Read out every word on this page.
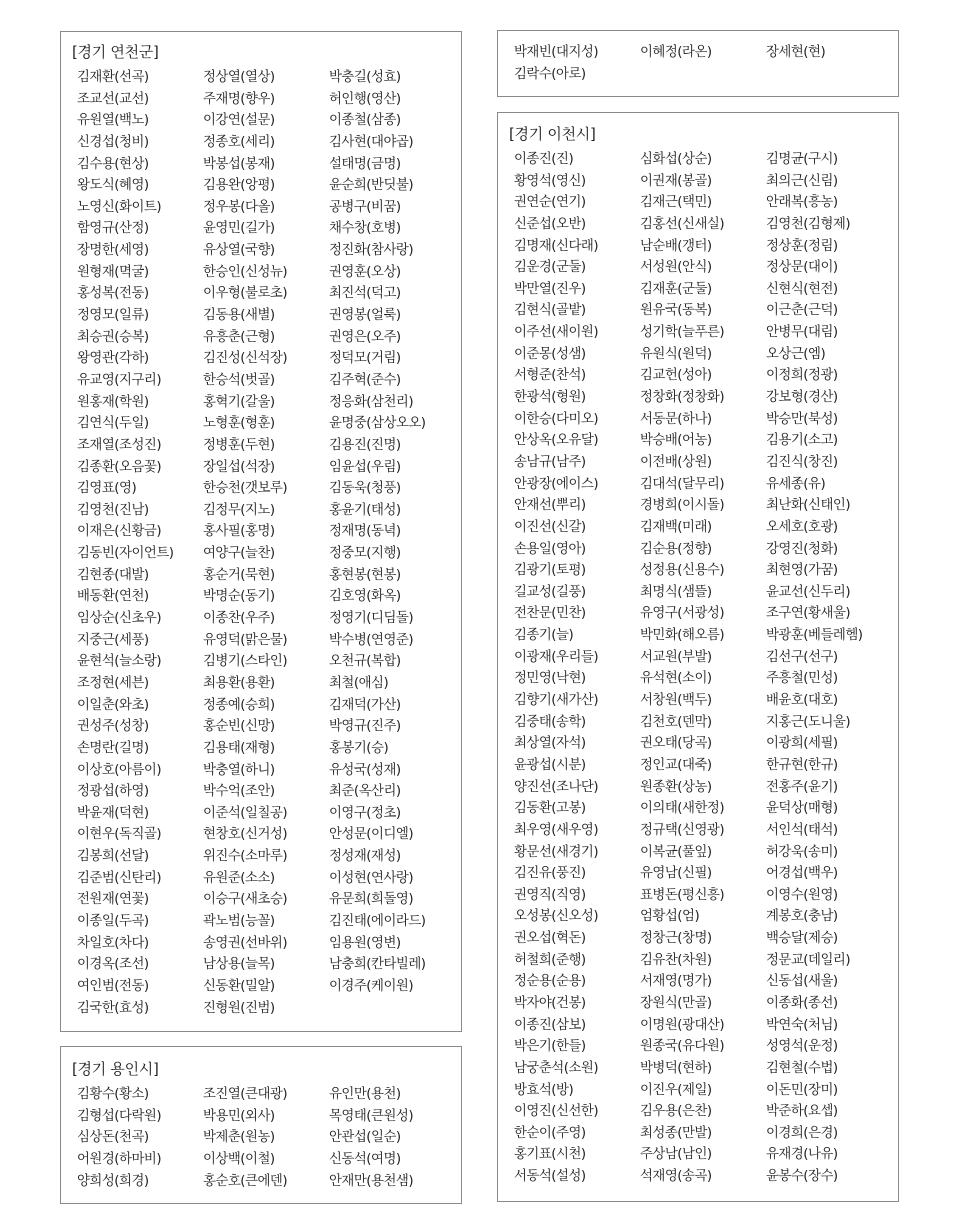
[경기 연천군]
김재환(선곡)	정상열(열상)	박충길(성효)
조교선(교선)	주재명(향우)	허인행(영산)
유원열(백노)	이강연(설문)	이종철(삼종)
신경섭(청비)	정종호(세리)	김사현(대야곱)
김수용(현상)	박봉섭(봉재)	설태명(금명)
왕도식(혜영)	김용완(앙평)	윤순희(반딧불)
노영신(화이트)	정우봉(다올)	공병구(비꿈)
함영규(산정)	윤영민(길가)	채수창(호병)
장명한(세영)	유상열(국향)	정진화(참사랑)
원형재(멱굴)	한승인(신성뉴)	권영훈(오상)
홍성복(전동)	이우형(불로초)	최진석(덕고)
정영모(일류)	김동용(새별)	권영봉(얼룩)
최승권(승복)	유흥춘(근형)	권영은(오주)
왕영관(각하)	김진성(신석장)	정덕모(거림)
유교영(지구리)	한승석(벗골)	김주혁(준수)
원홍재(학원)	홍혁기(갈울)	정응화(삼천리)
김연식(두일)	노형훈(형훈)	윤명중(삼상오오)
조재열(조성진)	정병훈(두현)	김용진(진명)
김종환(오음꽃)	장일섭(석장)	임윤섭(우림)
김영표(영)	한승천(갯보루)	김동욱(청풍)
김영천(진남)	김정무(지노)	홍윤기(태성)
이재은(신황금)	홍사필(홍명)	정재명(동녁)
김동빈(자이언트)	여양구(늘찬)	정중모(지행)
김현종(대발)	홍순거(묵현)	홍현봉(현봉)
배동환(연천)	박명순(동기)	김호영(화옥)
임상순(신초우)	이종찬(우주)	정영기(디딤돌)
지중근(세풍)	유영덕(맑은물)	박수병(연영준)
윤현석(늘소랑)	김병기(스타인)	오천규(복합)
조정현(세븐)	최용환(용환)	최철(애심)
이일춘(와초)	정종예(승희)	김재덕(가산)
권성주(성창)	홍순빈(신망)	박영규(진주)
손명란(길명)	김용태(재형)	홍봉기(승)
이상호(아름이)	박충열(하니)	유성국(성재)
정광섭(하영)	박수억(조안)	최준(옥산리)
박윤재(덕현)	이준석(일칠공)	이영구(정초)
이현우(독직골)	현창호(신거성)	안성문(이디엘)
김봉희(선달)	위진수(소마루)	정성재(재성)
김준범(신탄리)	유원준(소소)	이성현(연사랑)
전원재(연꽃)	이승구(새초승)	유문희(희돌영)
이종일(두곡)	곽노범(능꼴)	김진태(에이라드)
차일호(차다)	송영권(선바위)	임용원(영변)
이경옥(조선)	남상용(늘목)	남충희(칸타빌레)
여인범(전동)	신동환(밀알)	이경주(케이원)
김국한(효성)	진형원(진범)
[경기 용인시]
김황수(황소)	조진열(큰대광)	유인만(용천)
김형섭(다락원)	박용민(외사)	목영태(큰원성)
심상돈(천곡)	박제춘(원농)	안관섭(일순)
어원경(하마비)	이상백(이철)	신동석(여명)
양희성(희경)	홍순호(큰에덴)	안재만(용천샘)
박재빈(대지성)	이혜정(라온)	장세현(현)
김락수(아로)
[경기 이천시]
이종진(진)	심화섭(상순)	김명균(구시)
황영석(영신)	이권재(봉골)	최의근(신림)
권연순(연기)	김재근(택민)	안래복(흥농)
신준섭(오반)	김홍선(신새실)	김영천(김형제)
김명재(신다래)	남순배(갱터)	정상훈(정림)
김운경(군둘)	서성원(안식)	정상문(대이)
박만열(진우)	김재훈(군둘)	신현식(현전)
김현식(골밭)	원유국(동복)	이근춘(근덕)
이주선(새이원)	성기학(늘푸른)	안병무(대림)
이준몽(성샘)	유원식(원덕)	오상근(엠)
서형준(찬석)	김교헌(성아)	이정희(정광)
한광석(형원)	정창화(정창화)	강보형(경산)
이한승(다미오)	서동문(하나)	박승만(북성)
안상옥(오유달)	박승배(어농)	김용기(소고)
송남규(남주)	이전배(상원)	김진식(창진)
안광장(에이스)	김대석(달무리)	유세종(유)
안재선(뿌리)	경병희(이시돌)	최난화(신태인)
이진선(신갈)	김재백(미래)	오세호(호광)
손용일(영아)	김순용(정향)	강영진(청화)
김광기(토평)	성정용(신용수)	최현영(가꿈)
길교성(길풍)	최명식(샘뜰)	윤교선(신두리)
전찬문(민찬)	유영구(서광성)	조구연(황새울)
김종기(늘)	박민화(해오름)	박광훈(베들레헴)
이광재(우리들)	서교원(부발)	김선구(선구)
정민영(낙현)	유석현(소이)	주흥철(민성)
김향기(새가산)	서창원(백두)	배윤호(대호)
김중태(송학)	김천호(덴막)	지홍근(도니울)
최상열(자석)	권오태(당곡)	이광희(세필)
윤광섭(시분)	정인교(대죽)	한규현(한규)
양진선(조나단)	원종환(상농)	전홍주(윤기)
김동환(고봉)	이의태(새한정)	윤덕상(매형)
최우영(새우영)	정규택(신영광)	서인석(태석)
황문선(새경기)	이복균(풀잎)	허강욱(송미)
김진유(풍진)	유영남(신필)	어경섭(백우)
권영직(직영)	표병돈(평신흥)	이영수(원영)
오성봉(신오성)	엄황섭(엄)	계봉호(충남)
권오섭(혁돈)	정창근(창명)	백승달(제승)
허철희(준행)	김유찬(차원)	정문교(데일리)
정순용(순용)	서재영(명가)	신동섭(새울)
박자야(건봉)	장원식(만골)	이종화(종선)
이종진(삼보)	이명원(광대산)	박연숙(처님)
박은기(한들)	원종국(유다원)	성영석(운정)
남궁춘석(소원)	박병덕(현하)	김현철(수법)
방효석(방)	이진우(제일)	이돈민(장미)
이영진(신선한)	김우용(은찬)	박준하(요셉)
한순이(주영)	최성종(만발)	이경희(은경)
홍기표(시천)	주상남(남인)	유재경(나유)
서동석(설성)	석재영(송곡)	윤봉수(장수)
